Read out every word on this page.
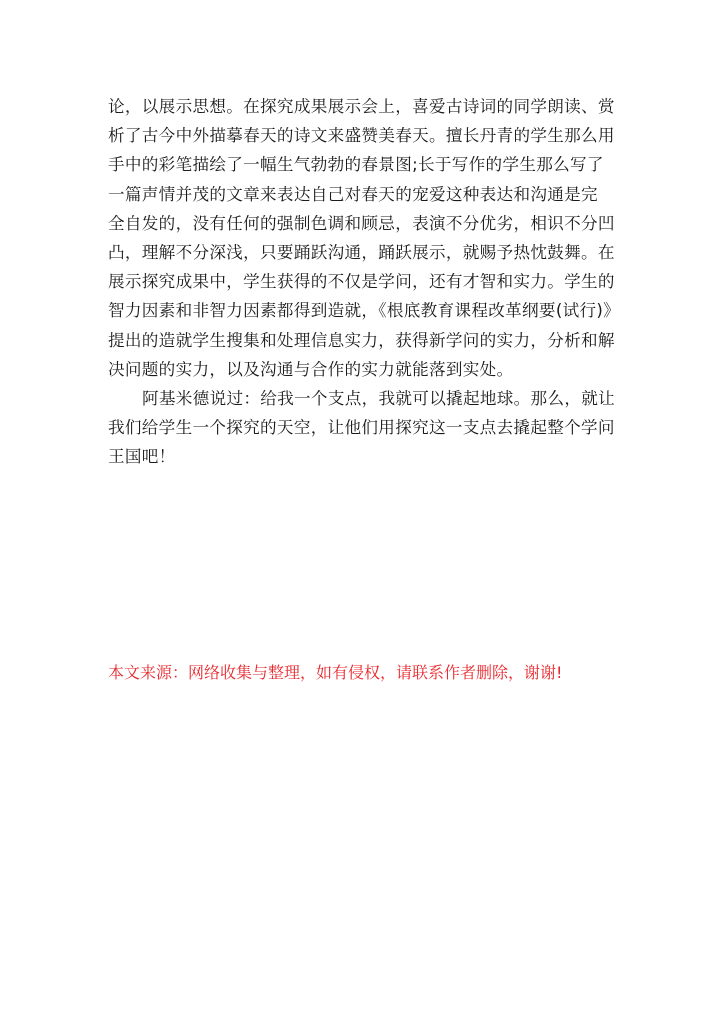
论，以展示思想。在探究成果展示会上，喜爱古诗词的同学朗读、赏
析了古今中外描摹春天的诗文来盛赞美春天。擅长丹青的学生那么用
手中的彩笔描绘了一幅生气勃勃的春景图;长于写作的学生那么写了
一篇声情并茂的文章来表达自己对春天的宠爱这种表达和沟通是完
全自发的，没有任何的强制色调和顾忌，表演不分优劣，相识不分凹
凸，理解不分深浅，只要踊跃沟通，踊跃展示，就赐予热忱鼓舞。在
展示探究成果中，学生获得的不仅是学问，还有才智和实力。学生的
智力因素和非智力因素都得到造就，《根底教育课程改革纲要(试行)》
提出的造就学生搜集和处理信息实力，获得新学问的实力，分析和解
决问题的实力，以及沟通与合作的实力就能落到实处。
阿基米德说过：给我一个支点，我就可以撬起地球。那么，就让
我们给学生一个探究的天空，让他们用探究这一支点去撬起整个学问
王国吧！
本文来源：网络收集与整理，如有侵权，请联系作者删除，谢谢!
